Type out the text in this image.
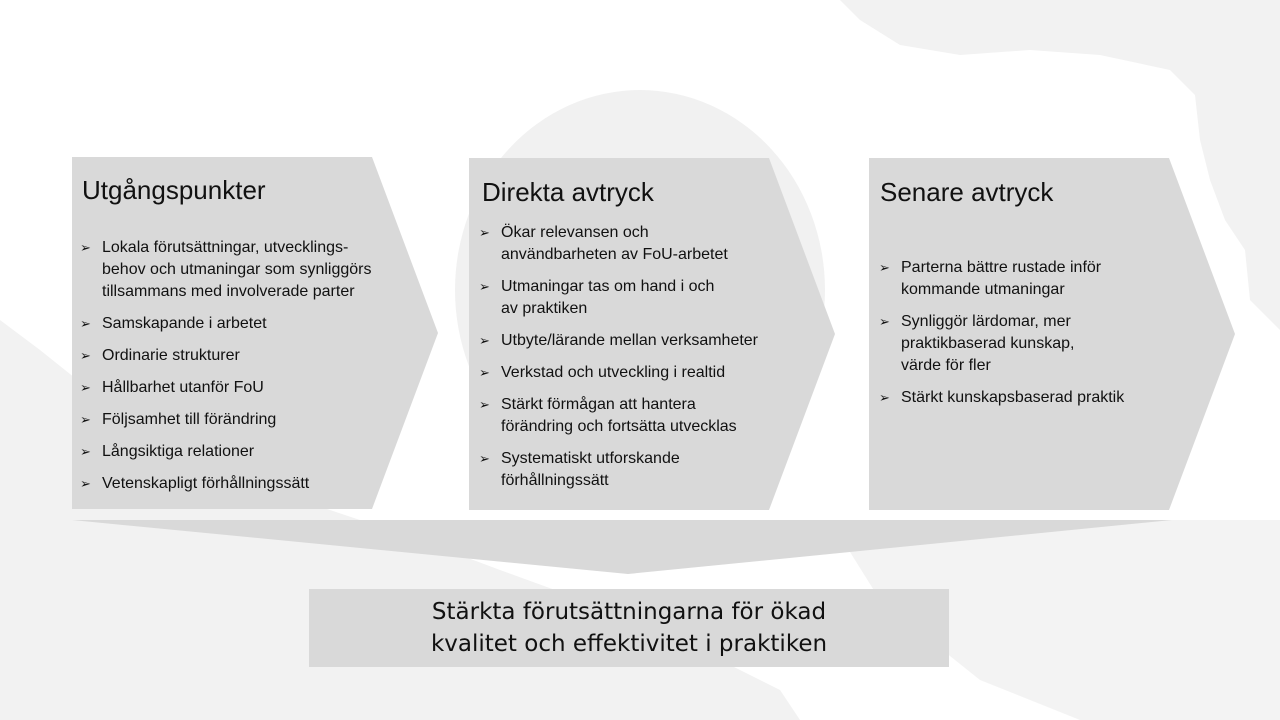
Utgångspunkter
➢ Lokala förutsättningar, utvecklings-
behov och utmaningar som synliggörs
tillsammans med involverade parter
➢ Samskapande i arbetet
➢ Ordinarie strukturer
➢ Hållbarhet utanför FoU
➢ Följsamhet till förändring
➢ Långsiktiga relationer
➢ Vetenskapligt förhållningssätt
Direkta avtryck
➢ Ökar relevansen och
användbarheten av FoU-arbetet
➢ Utmaningar tas om hand i och
av praktiken
➢ Utbyte/lärande mellan verksamheter
➢ Verkstad och utveckling i realtid
➢ Stärkt förmågan att hantera
förändring och fortsätta utvecklas
➢ Systematiskt utforskande
förhållningssätt
Senare avtryck
➢ Parterna bättre rustade inför
kommande utmaningar
➢ Synliggör lärdomar, mer
praktikbaserad kunskap,
värde för fler
➢ Stärkt kunskapsbaserad praktik
Stärkta förutsättningarna för ökad
kvalitet och effektivitet i praktiken
